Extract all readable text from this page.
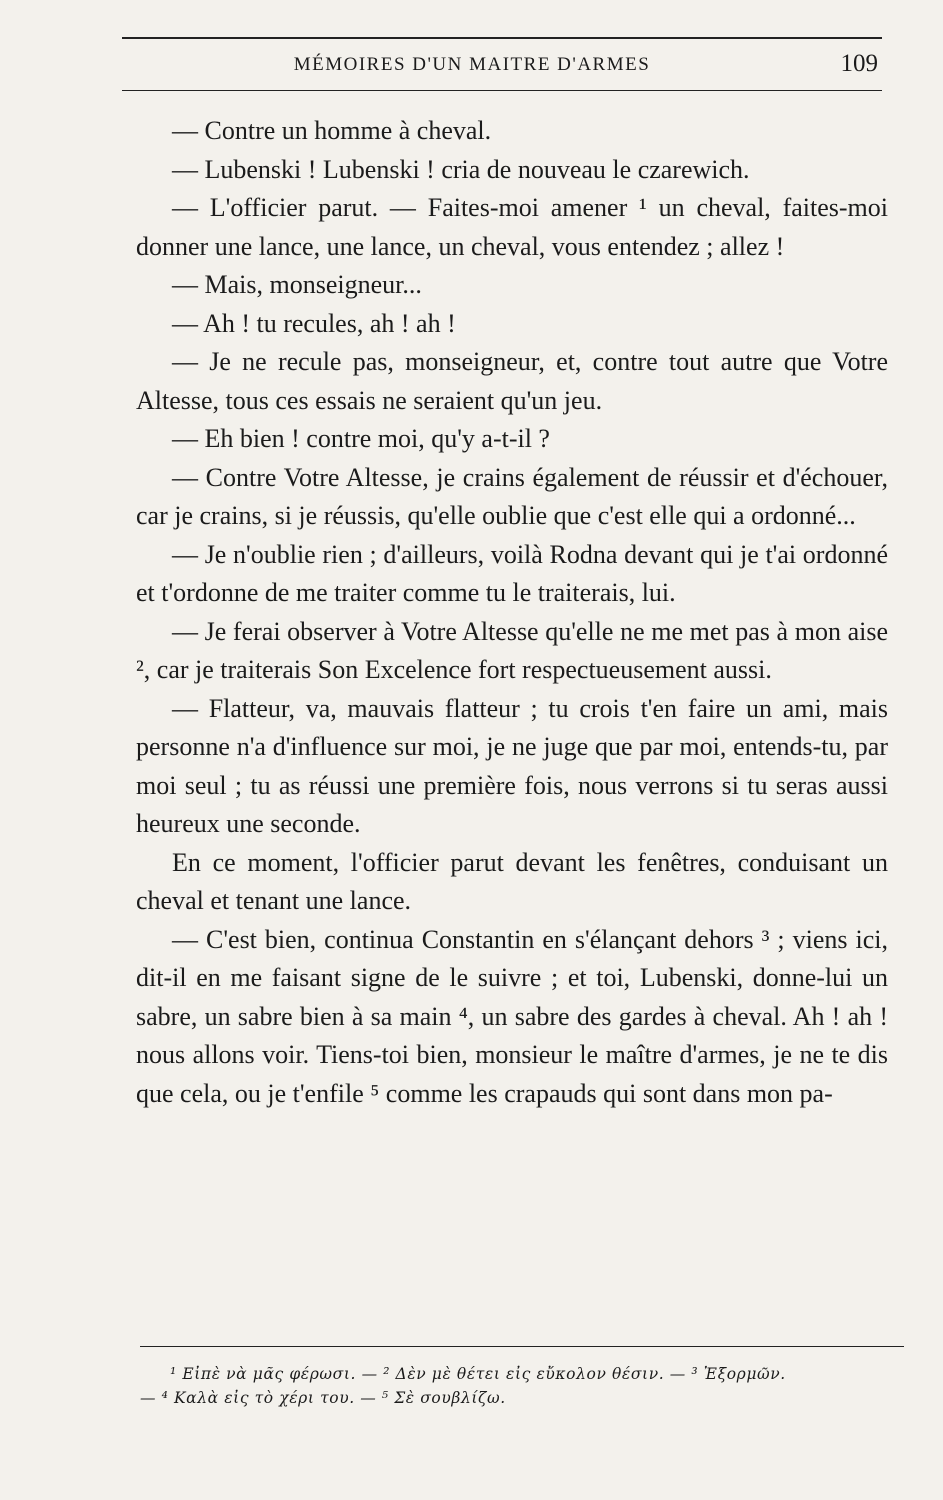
MÉMOIRES D'UN MAITRE D'ARMES	109

— Contre un homme à cheval.

— Lubenski ! Lubenski ! cria de nouveau le czarewich.

— L'officier parut. — Faites-moi amener ¹ un cheval, faites-moi donner une lance, une lance, un cheval, vous entendez ; allez !

— Mais, monseigneur...

— Ah ! tu recules, ah ! ah !

— Je ne recule pas, monseigneur, et, contre tout autre que Votre Altesse, tous ces essais ne seraient qu'un jeu.

— Eh bien ! contre moi, qu'y a-t-il ?

— Contre Votre Altesse, je crains également de réussir et d'échouer, car je crains, si je réussis, qu'elle oublie que c'est elle qui a ordonné...

— Je n'oublie rien ; d'ailleurs, voilà Rodna devant qui je t'ai ordonné et t'ordonne de me traiter comme tu le traiterais, lui.

— Je ferai observer à Votre Altesse qu'elle ne me met pas à mon aise ², car je traiterais Son Excelence fort respectueusement aussi.

— Flatteur, va, mauvais flatteur ; tu crois t'en faire un ami, mais personne n'a d'influence sur moi, je ne juge que par moi, entends-tu, par moi seul ; tu as réussi une première fois, nous verrons si tu seras aussi heureux une seconde.

En ce moment, l'officier parut devant les fenêtres, conduisant un cheval et tenant une lance.

— C'est bien, continua Constantin en s'élançant dehors ³ ; viens ici, dit-il en me faisant signe de le suivre ; et toi, Lubenski, donne-lui un sabre, un sabre bien à sa main ⁴, un sabre des gardes à cheval. Ah ! ah ! nous allons voir. Tiens-toi bien, monsieur le maître d'armes, je ne te dis que cela, ou je t'enfile ⁵ comme les crapauds qui sont dans mon pa-

¹ Εἰπὲ νὰ μᾶς φέρωσι. — ² Δὲν μὲ θέτει εἰς εὔκολον θέσιν. — ³ Ἐξορμῶν.

— ⁴ Καλὰ εἰς τὸ χέρι του. — ⁵ Σὲ σουβλίζω.
